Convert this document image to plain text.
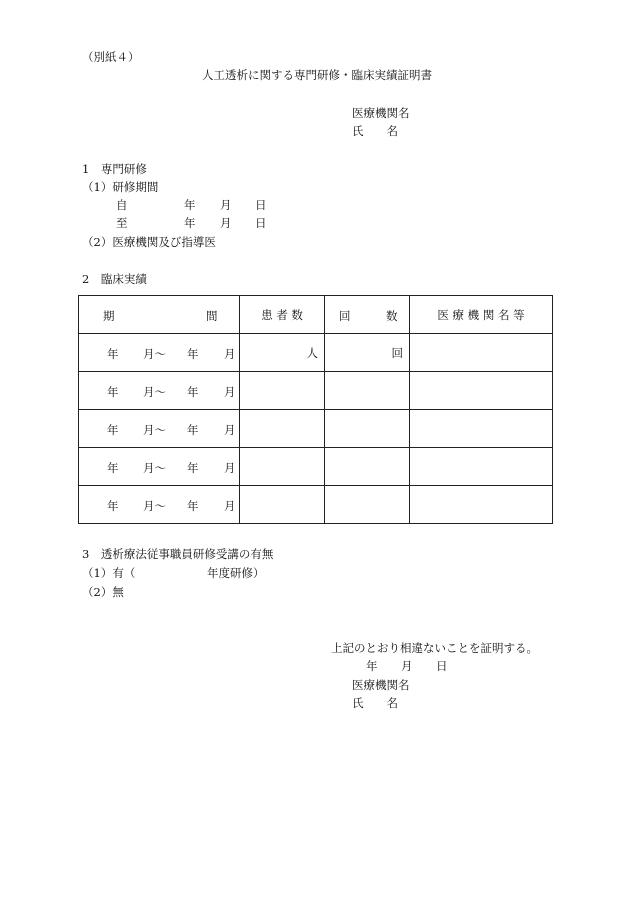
（別紙４）
人工透析に関する専門研修・臨床実績証明書
医療機関名
氏　　名
1　専門研修
（1）研修期間
自	年 月 日
至	年 月 日
（2）医療機関及び指導医
2　臨床実績
期 間	患 者 数	回 数	医 療 機 関 名 等

年 月～ 年 月	人	回	

年 月～ 年 月			

年 月～ 年 月			

年 月～ 年 月			

年 月～ 年 月			

3　透析療法従事職員研修受講の有無
（1）有（	年度研修）
（2）無
上記のとおり相違ないことを証明する。
年 月 日
医療機関名
氏　　名
